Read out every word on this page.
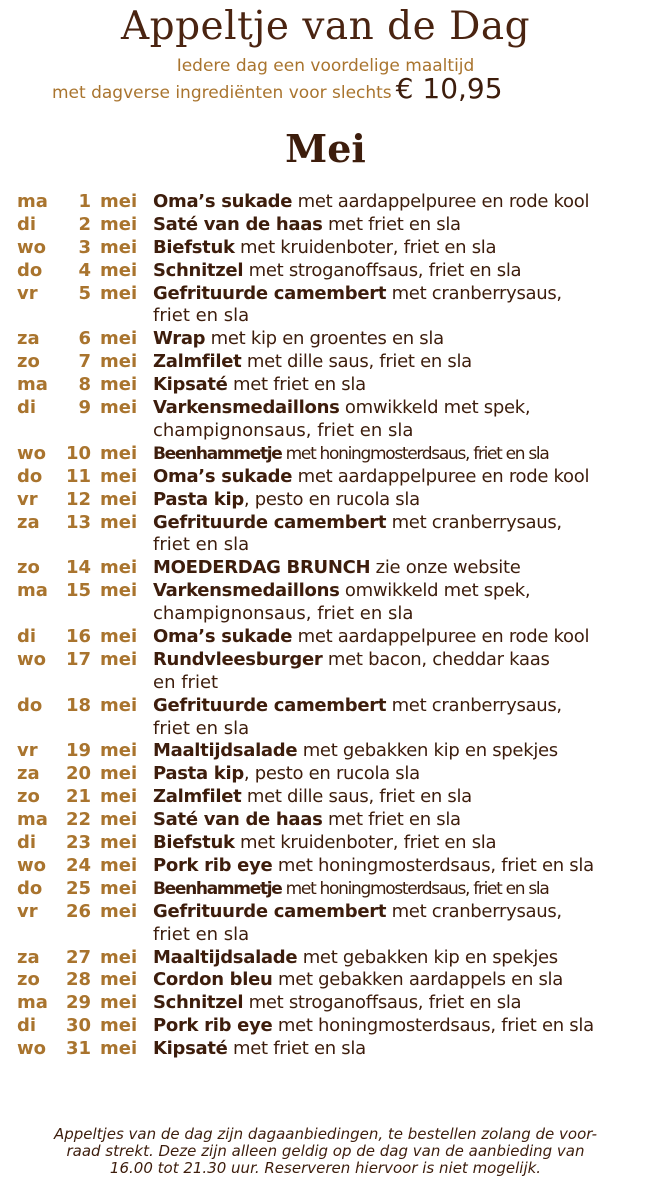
Appeltje van de Dag
Iedere dag een voordelige maaltijd
met dagverse ingrediënten voor slechts € 10,95
Mei
ma 1 mei Oma’s sukade met aardappelpuree en rode kool
di 2 mei Saté van de haas met friet en sla
wo 3 mei Biefstuk met kruidenboter, friet en sla
do 4 mei Schnitzel met stroganoffsaus, friet en sla
vr 5 mei Gefrituurde camembert met cranberrysaus,
friet en sla
za 6 mei Wrap met kip en groentes en sla
zo 7 mei Zalmfilet met dille saus, friet en sla
ma 8 mei Kipsaté met friet en sla
di 9 mei Varkensmedaillons omwikkeld met spek,
champignonsaus, friet en sla
wo 10 mei Beenhammetje met honingmosterdsaus, friet en sla
do 11 mei Oma’s sukade met aardappelpuree en rode kool
vr 12 mei Pasta kip, pesto en rucola sla
za 13 mei Gefrituurde camembert met cranberrysaus,
friet en sla
zo 14 mei MOEDERDAG BRUNCH zie onze website
ma 15 mei Varkensmedaillons omwikkeld met spek,
champignonsaus, friet en sla
di 16 mei Oma’s sukade met aardappelpuree en rode kool
wo 17 mei Rundvleesburger met bacon, cheddar kaas
en friet
do 18 mei Gefrituurde camembert met cranberrysaus,
friet en sla
vr 19 mei Maaltijdsalade met gebakken kip en spekjes
za 20 mei Pasta kip, pesto en rucola sla
zo 21 mei Zalmfilet met dille saus, friet en sla
ma 22 mei Saté van de haas met friet en sla
di 23 mei Biefstuk met kruidenboter, friet en sla
wo 24 mei Pork rib eye met honingmosterdsaus, friet en sla
do 25 mei Beenhammetje met honingmosterdsaus, friet en sla
vr 26 mei Gefrituurde camembert met cranberrysaus,
friet en sla
za 27 mei Maaltijdsalade met gebakken kip en spekjes
zo 28 mei Cordon bleu met gebakken aardappels en sla
ma 29 mei Schnitzel met stroganoffsaus, friet en sla
di 30 mei Pork rib eye met honingmosterdsaus, friet en sla
wo 31 mei Kipsaté met friet en sla
Appeltjes van de dag zijn dagaanbiedingen, te bestellen zolang de voor-
raad strekt. Deze zijn alleen geldig op de dag van de aanbieding van
16.00 tot 21.30 uur. Reserveren hiervoor is niet mogelijk.
